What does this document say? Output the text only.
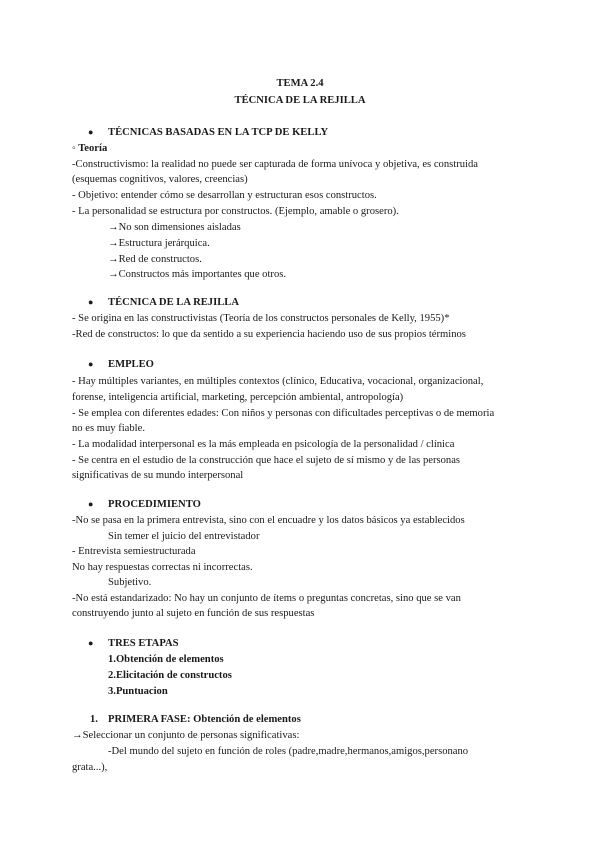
TEMA 2.4
TÉCNICA DE LA REJILLA
● TÉCNICAS BASADAS EN LA TCP DE KELLY
◦ Teoría
-Constructivismo: la realidad no puede ser capturada de forma unívoca y objetiva, es construida
(esquemas cognitivos, valores, creencias)
- Objetivo: entender cómo se desarrollan y estructuran esos constructos.
- La personalidad se estructura por constructos. (Ejemplo, amable o grosero).
→No son dimensiones aisladas
→Estructura jerárquica.
→Red de constructos.
→Constructos más importantes que otros.
● TÉCNICA DE LA REJILLA
- Se origina en las constructivistas (Teoría de los constructos personales de Kelly, 1955)*
-Red de constructos: lo que da sentido a su experiencia haciendo uso de sus propios términos
● EMPLEO
- Hay múltiples variantes, en múltiples contextos (clínico, Educativa, vocacional, organizacional,
forense, inteligencia artificial, marketing, percepción ambiental, antropología)
- Se emplea con diferentes edades: Con niños y personas con dificultades perceptivas o de memoria
no es muy fiable.
- La modalidad interpersonal es la más empleada en psicología de la personalidad / clínica
- Se centra en el estudio de la construcción que hace el sujeto de sí mismo y de las personas
significativas de su mundo interpersonal
● PROCEDIMIENTO
-No se pasa en la primera entrevista, sino con el encuadre y los datos básicos ya establecidos
Sin temer el juicio del entrevistador
- Entrevista semiestructurada
No hay respuestas correctas ni incorrectas.
Subjetivo.
-No está estandarizado: No hay un conjunto de ítems o preguntas concretas, sino que se van
construyendo junto al sujeto en función de sus respuestas
● TRES ETAPAS
1.Obtención de elementos
2.Elicitación de constructos
3.Puntuacion
1. PRIMERA FASE: Obtención de elementos
→Seleccionar un conjunto de personas significativas:
-Del mundo del sujeto en función de roles (padre,madre,hermanos,amigos,personano
grata...),
